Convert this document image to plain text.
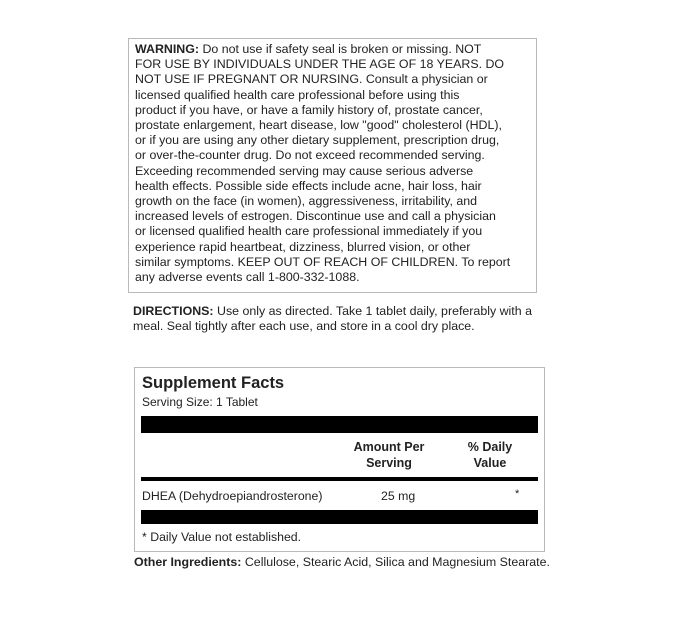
WARNING: Do not use if safety seal is broken or missing. NOT
FOR USE BY INDIVIDUALS UNDER THE AGE OF 18 YEARS. DO
NOT USE IF PREGNANT OR NURSING. Consult a physician or
licensed qualified health care professional before using this
product if you have, or have a family history of, prostate cancer,
prostate enlargement, heart disease, low "good" cholesterol (HDL),
or if you are using any other dietary supplement, prescription drug,
or over-the-counter drug. Do not exceed recommended serving.
Exceeding recommended serving may cause serious adverse
health effects. Possible side effects include acne, hair loss, hair
growth on the face (in women), aggressiveness, irritability, and
increased levels of estrogen. Discontinue use and call a physician
or licensed qualified health care professional immediately if you
experience rapid heartbeat, dizziness, blurred vision, or other
similar symptoms. KEEP OUT OF REACH OF CHILDREN. To report
any adverse events call 1-800-332-1088.
DIRECTIONS: Use only as directed. Take 1 tablet daily, preferably with a meal. Seal tightly after each use, and store in a cool dry place.
Supplement Facts
Serving Size: 1 Tablet
Amount Per
Serving
% Daily
Value
DHEA (Dehydroepiandrosterone)	25 mg	*
* Daily Value not established.
Other Ingredients: Cellulose, Stearic Acid, Silica and Magnesium Stearate.
